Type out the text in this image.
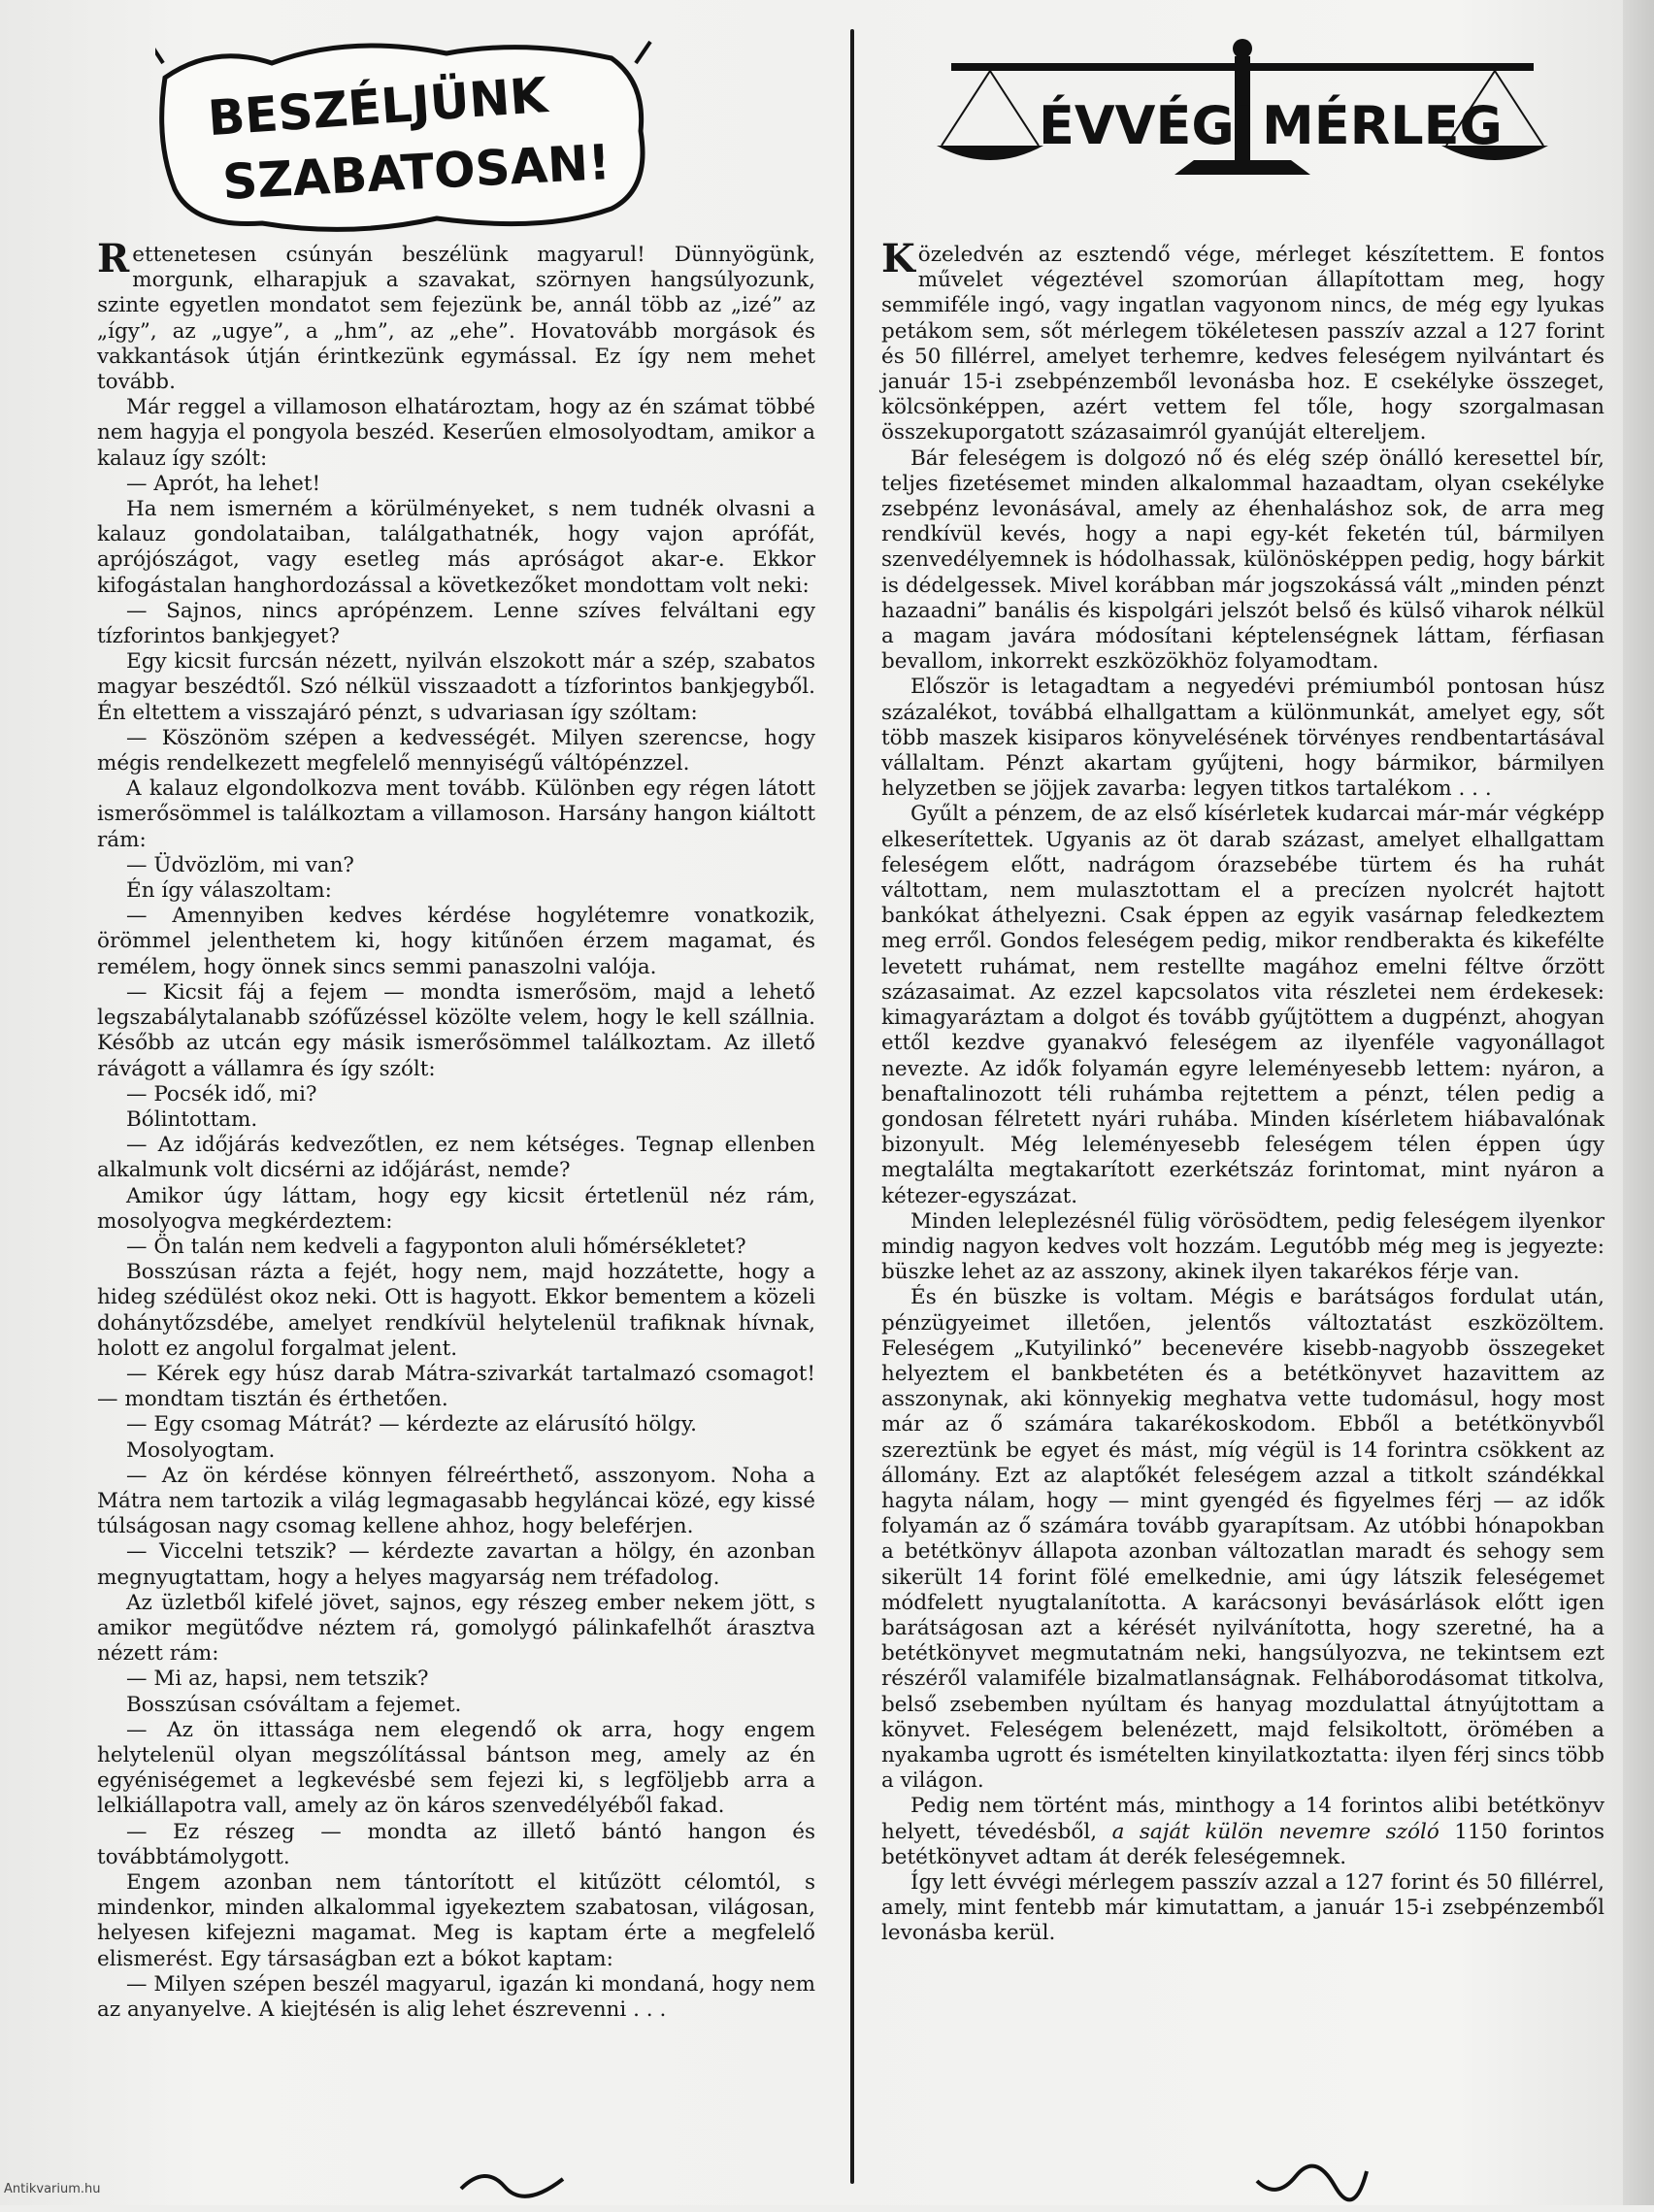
BESZÉLJÜNK
SZABATOSAN!
ÉVVÉGI MÉRLEG

Rettenetesen csúnyán beszélünk magyarul! Dünnyögünk, morgunk, elharapjuk a szavakat, szörnyen hangsúlyozunk, szinte egyetlen mondatot sem fejezünk be, annál több az „izé” az „így”, az „ugye”, a „hm”, az „ehe”. Hovatovább morgások és vakkantások útján érintkezünk egymással. Ez így nem mehet tovább.

Már reggel a villamoson elhatároztam, hogy az én számat többé nem hagyja el pongyola beszéd. Keserűen elmosolyodtam, amikor a kalauz így szólt:

— Aprót, ha lehet!

Ha nem ismerném a körülményeket, s nem tudnék olvasni a kalauz gondolataiban, találgathatnék, hogy vajon aprófát, aprójószágot, vagy esetleg más apróságot akar-e. Ekkor kifogástalan hanghordozással a következőket mondottam volt neki:

— Sajnos, nincs aprópénzem. Lenne szíves felváltani egy tízforintos bankjegyet?

Egy kicsit furcsán nézett, nyilván elszokott már a szép, szabatos magyar beszédtől. Szó nélkül visszaadott a tízforintos bankjegyből. Én eltettem a visszajáró pénzt, s udvariasan így szóltam:

— Köszönöm szépen a kedvességét. Milyen szerencse, hogy mégis rendelkezett megfelelő mennyiségű váltópénzzel.

A kalauz elgondolkozva ment tovább. Különben egy régen látott ismerősömmel is találkoztam a villamoson. Harsány hangon kiáltott rám:

— Üdvözlöm, mi van?

Én így válaszoltam:

— Amennyiben kedves kérdése hogylétemre vonatkozik, örömmel jelenthetem ki, hogy kitűnően érzem magamat, és remélem, hogy önnek sincs semmi panaszolni valója.

— Kicsit fáj a fejem — mondta ismerősöm, majd a lehető legszabálytalanabb szófűzéssel közölte velem, hogy le kell szállnia. Később az utcán egy másik ismerősömmel találkoztam. Az illető rávágott a vállamra és így szólt:

— Pocsék idő, mi?

Bólintottam.

— Az időjárás kedvezőtlen, ez nem kétséges. Tegnap ellenben alkalmunk volt dicsérni az időjárást, nemde?

Amikor úgy láttam, hogy egy kicsit értetlenül néz rám, mosolyogva megkérdeztem:

— Ön talán nem kedveli a fagyponton aluli hőmérsékletet?

Bosszúsan rázta a fejét, hogy nem, majd hozzátette, hogy a hideg szédülést okoz neki. Ott is hagyott. Ekkor bementem a közeli dohánytőzsdébe, amelyet rendkívül helytelenül trafiknak hívnak, holott ez angolul forgalmat jelent.

— Kérek egy húsz darab Mátra-szivarkát tartalmazó csomagot! — mondtam tisztán és érthetően.

— Egy csomag Mátrát? — kérdezte az elárusító hölgy.

Mosolyogtam.

— Az ön kérdése könnyen félreérthető, asszonyom. Noha a Mátra nem tartozik a világ legmagasabb hegyláncai közé, egy kissé túlságosan nagy csomag kellene ahhoz, hogy beleférjen.

— Viccelni tetszik? — kérdezte zavartan a hölgy, én azonban megnyugtattam, hogy a helyes magyarság nem tréfadolog.

Az üzletből kifelé jövet, sajnos, egy részeg ember nekem jött, s amikor megütődve néztem rá, gomolygó pálinkafelhőt árasztva nézett rám:

— Mi az, hapsi, nem tetszik?

Bosszúsan csóváltam a fejemet.

— Az ön ittassága nem elegendő ok arra, hogy engem helytelenül olyan megszólítással bántson meg, amely az én egyéniségemet a legkevésbé sem fejezi ki, s legföljebb arra a lelkiállapotra vall, amely az ön káros szenvedélyéből fakad.

— Ez részeg — mondta az illető bántó hangon és továbbtámolygott.

Engem azonban nem tántorított el kitűzött célomtól, s mindenkor, minden alkalommal igyekeztem szabatosan, világosan, helyesen kifejezni magamat. Meg is kaptam érte a megfelelő elismerést. Egy társaságban ezt a bókot kaptam:

— Milyen szépen beszél magyarul, igazán ki mondaná, hogy nem az anyanyelve. A kiejtésén is alig lehet észrevenni . . .

Közeledvén az esztendő vége, mérleget készítettem. E fontos művelet végeztével szomorúan állapítottam meg, hogy semmiféle ingó, vagy ingatlan vagyonom nincs, de még egy lyukas petákom sem, sőt mérlegem tökéletesen passzív azzal a 127 forint és 50 fillérrel, amelyet terhemre, kedves feleségem nyilvántart és január 15-i zsebpénzemből levonásba hoz. E csekélyke összeget, kölcsönképpen, azért vettem fel tőle, hogy szorgalmasan összekuporgatott százasaimról gyanúját eltereljem.

Bár feleségem is dolgozó nő és elég szép önálló keresettel bír, teljes fizetésemet minden alkalommal hazaadtam, olyan csekélyke zsebpénz levonásával, amely az éhenhaláshoz sok, de arra meg rendkívül kevés, hogy a napi egy-két feketén túl, bármilyen szenvedélyemnek is hódolhassak, különösképpen pedig, hogy bárkit is dédelgessek. Mivel korábban már jogszokássá vált „minden pénzt hazaadni” banális és kispolgári jelszót belső és külső viharok nélkül a magam javára módosítani képtelenségnek láttam, férfiasan bevallom, inkorrekt eszközökhöz folyamodtam.

Először is letagadtam a negyedévi prémiumból pontosan húsz százalékot, továbbá elhallgattam a különmunkát, amelyet egy, sőt több maszek kisiparos könyvelésének törvényes rendbentartásával vállaltam. Pénzt akartam gyűjteni, hogy bármikor, bármilyen helyzetben se jöjjek zavarba: legyen titkos tartalékom . . .

Gyűlt a pénzem, de az első kísérletek kudarcai már-már végképp elkeserítettek. Ugyanis az öt darab százast, amelyet elhallgattam feleségem előtt, nadrágom órazsebébe türtem és ha ruhát váltottam, nem mulasztottam el a precízen nyolcrét hajtott bankókat áthelyezni. Csak éppen az egyik vasárnap feledkeztem meg erről. Gondos feleségem pedig, mikor rendberakta és kikefélte levetett ruhámat, nem restellte magához emelni féltve őrzött százasaimat. Az ezzel kapcsolatos vita részletei nem érdekesek: kimagyaráztam a dolgot és tovább gyűjtöttem a dugpénzt, ahogyan ettől kezdve gyanakvó feleségem az ilyenféle vagyonállagot nevezte. Az idők folyamán egyre leleményesebb lettem: nyáron, a benaftalinozott téli ruhámba rejtettem a pénzt, télen pedig a gondosan félretett nyári ruhába. Minden kísérletem hiábavalónak bizonyult. Még leleményesebb feleségem télen éppen úgy megtalálta megtakarított ezerkétszáz forintomat, mint nyáron a kétezer-egyszázat.

Minden leleplezésnél fülig vörösödtem, pedig feleségem ilyenkor mindig nagyon kedves volt hozzám. Legutóbb még meg is jegyezte: büszke lehet az az asszony, akinek ilyen takarékos férje van.

És én büszke is voltam. Mégis e barátságos fordulat után, pénzügyeimet illetően, jelentős változtatást eszközöltem. Feleségem „Kutyilinkó” becenevére kisebb-nagyobb összegeket helyeztem el bankbetéten és a betétkönyvet hazavittem az asszonynak, aki könnyekig meghatva vette tudomásul, hogy most már az ő számára takarékoskodom. Ebből a betétkönyvből szereztünk be egyet és mást, míg végül is 14 forintra csökkent az állomány. Ezt az alaptőkét feleségem azzal a titkolt szándékkal hagyta nálam, hogy — mint gyengéd és figyelmes férj — az idők folyamán az ő számára tovább gyarapítsam. Az utóbbi hónapokban a betétkönyv állapota azonban változatlan maradt és sehogy sem sikerült 14 forint fölé emelkednie, ami úgy látszik feleségemet módfelett nyugtalanította. A karácsonyi bevásárlások előtt igen barátságosan azt a kérését nyilvánította, hogy szeretné, ha a betétkönyvet megmutatnám neki, hangsúlyozva, ne tekintsem ezt részéről valamiféle bizalmatlanságnak. Felháborodásomat titkolva, belső zsebemben nyúltam és hanyag mozdulattal átnyújtottam a könyvet. Feleségem belenézett, majd felsikoltott, örömében a nyakamba ugrott és ismételten kinyilatkoztatta: ilyen férj sincs több a világon.

Pedig nem történt más, minthogy a 14 forintos alibi betétkönyv helyett, tévedésből, a saját külön nevemre szóló 1150 forintos betétkönyvet adtam át derék feleségemnek.

Így lett évvégi mérlegem passzív azzal a 127 forint és 50 fillérrel, amely, mint fentebb már kimutattam, a január 15-i zsebpénzemből levonásba kerül.

Antikvarium.hu
